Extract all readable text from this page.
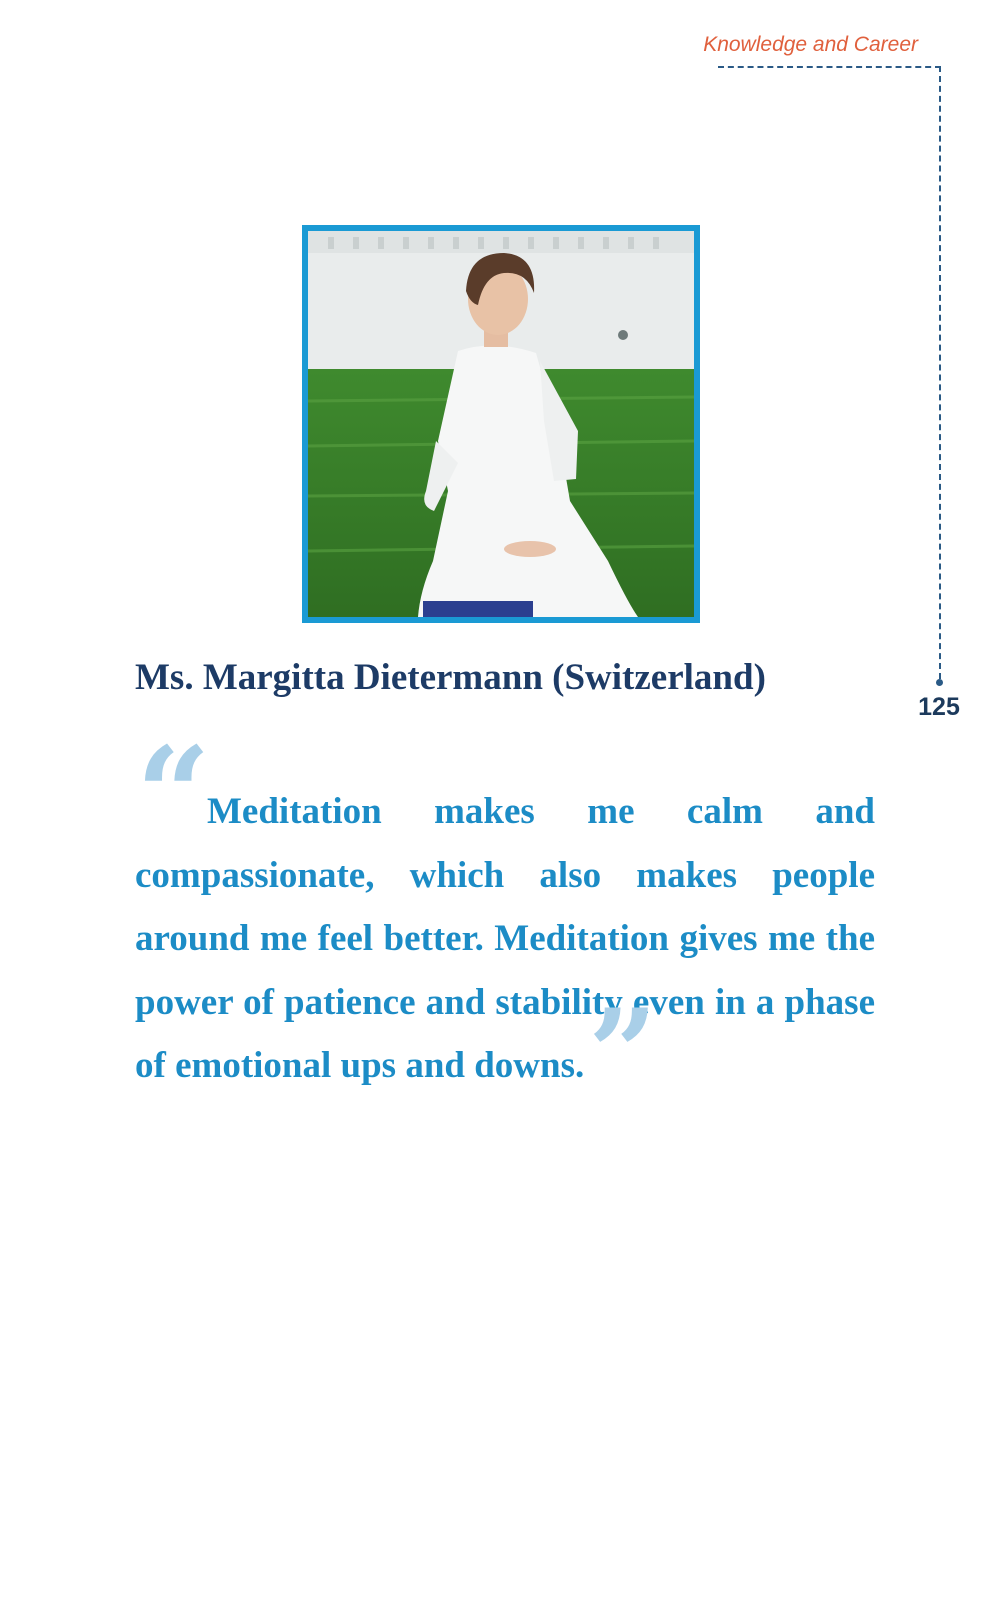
Knowledge and Career
125
Ms. Margitta Dietermann (Switzerland)
“

Meditation makes me calm and compassionate, which also makes people around me feel better. Meditation gives me the power of patience and stability even in a phase of emotional ups and downs.”
